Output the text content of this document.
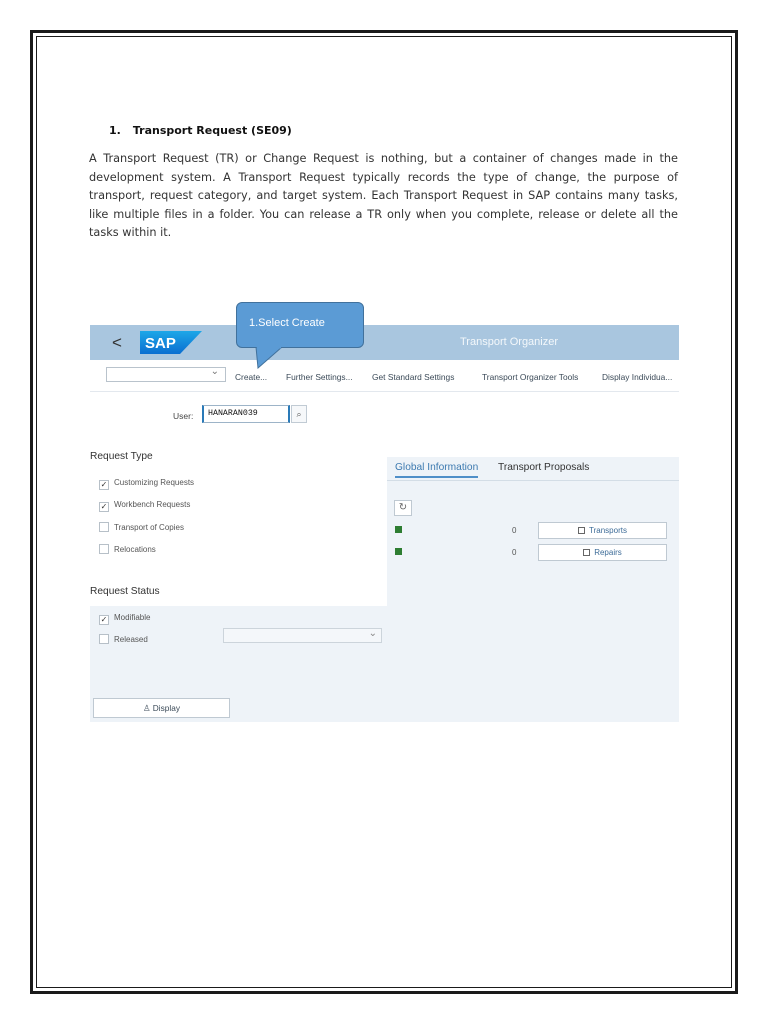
1. Transport Request (SE09)
A Transport Request (TR) or Change Request is nothing, but a container of changes made in the development system. A Transport Request typically records the type of change, the purpose of transport, request category, and target system. Each Transport Request in SAP contains many tasks, like multiple files in a folder. You can release a TR only when you complete, release or delete all the tasks within it.
< SAP	Transport Organizer
⌄ Create... Further Settings... Get Standard Settings	Transport Organizer Tools	Display Individua...
User:	HANARAN039	⌕
Request Type
✓ Customizing Requests
✓ Workbench Requests
Transport of Copies
Relocations
Request Status
✓ Modifiable
Released
⌄
Global Information Transport Proposals
↻
0	Transports
0	Repairs
♙ Display
1.Select Create
